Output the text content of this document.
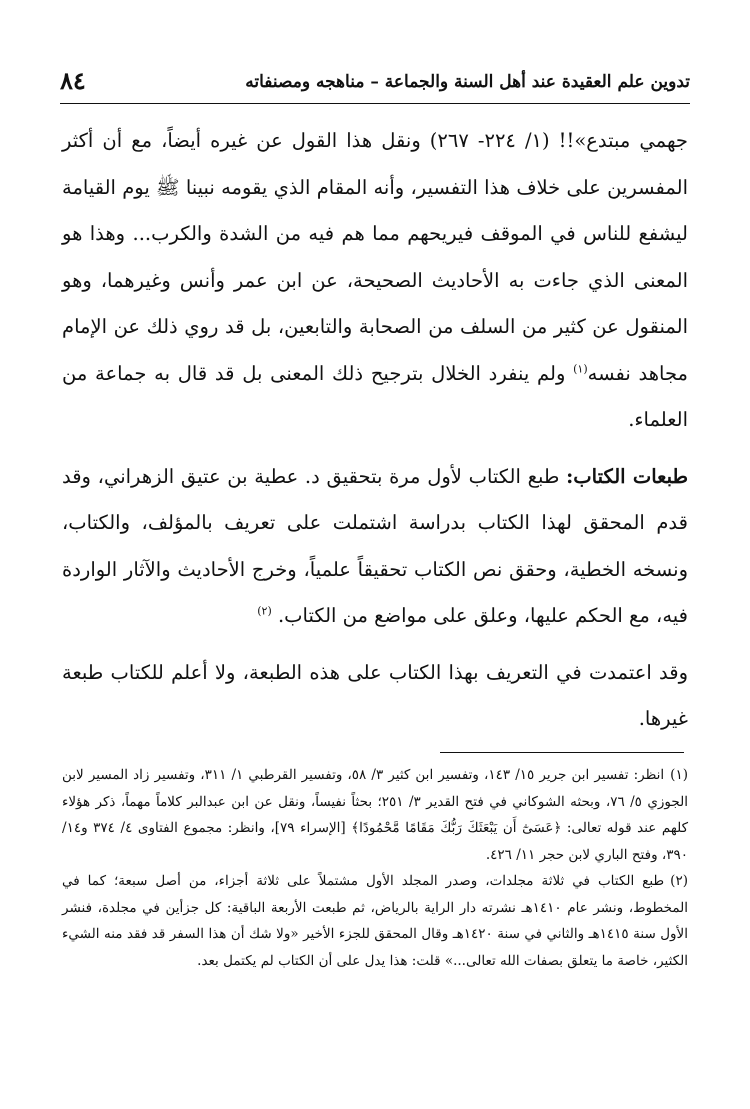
٨٤	تدوين علم العقيدة عند أهل السنة والجماعة – مناهجه ومصنفاته

جهمي مبتدع»!! (١/ ٢٢٤- ٢٦٧) ونقل هذا القول عن غيره أيضاً، مع أن أكثر المفسرين على خلاف هذا التفسير، وأنه المقام الذي يقومه نبينا ﷺ يوم القيامة ليشفع للناس في الموقف فيريحهم مما هم فيه من الشدة والكرب... وهذا هو المعنى الذي جاءت به الأحاديث الصحيحة، عن ابن عمر وأنس وغيرهما، وهو المنقول عن كثير من السلف من الصحابة والتابعين، بل قد روي ذلك عن الإمام مجاهد نفسه$^{(١)}$ ولم ينفرد الخلال بترجيح ذلك المعنى بل قد قال به جماعة من العلماء.

طبعات الكتاب: طبع الكتاب لأول مرة بتحقيق د. عطية بن عتيق الزهراني، وقد قدم المحقق لهذا الكتاب بدراسة اشتملت على تعريف بالمؤلف، والكتاب، ونسخه الخطية، وحقق نص الكتاب تحقيقاً علمياً، وخرج الأحاديث والآثار الواردة فيه، مع الحكم عليها، وعلق على مواضع من الكتاب. $^{(٢)}$

وقد اعتمدت في التعريف بهذا الكتاب على هذه الطبعة، ولا أعلم للكتاب طبعة غيرها.

(١)انظر: تفسير ابن جرير ١٥/ ١٤٣، وتفسير ابن كثير ٣/ ٥٨، وتفسير القرطبي ١/ ٣١١، وتفسير زاد المسير لابن الجوزي ٥/ ٧٦، وبحثه الشوكاني في فتح القدير ٣/ ٢٥١؛ بحثاً نفيساً، ونقل عن ابن عبدالبر كلاماً مهماً، ذكر هؤلاء كلهم عند قوله تعالى: ﴿عَسَىٰٓ أَن يَبْعَثَكَ رَبُّكَ مَقَامًا مَّحْمُودًا﴾ [الإسراء ٧٩]، وانظر: مجموع الفتاوى ٤/ ٣٧٤ و١٤/ ٣٩٠، وفتح الباري لابن حجر ١١/ ٤٢٦.

(٢)طبع الكتاب في ثلاثة مجلدات، وصدر المجلد الأول مشتملاً على ثلاثة أجزاء، من أصل سبعة؛ كما في المخطوط، ونشر عام ١٤١٠هـ نشرته دار الراية بالرياض، ثم طبعت الأربعة الباقية: كل جزأين في مجلدة، فنشر الأول سنة ١٤١٥هـ والثاني في سنة ١٤٢٠هـ وقال المحقق للجزء الأخير «ولا شك أن هذا السفر قد فقد منه الشيء الكثير، خاصة ما يتعلق بصفات الله تعالى...» قلت: هذا يدل على أن الكتاب لم يكتمل بعد.
